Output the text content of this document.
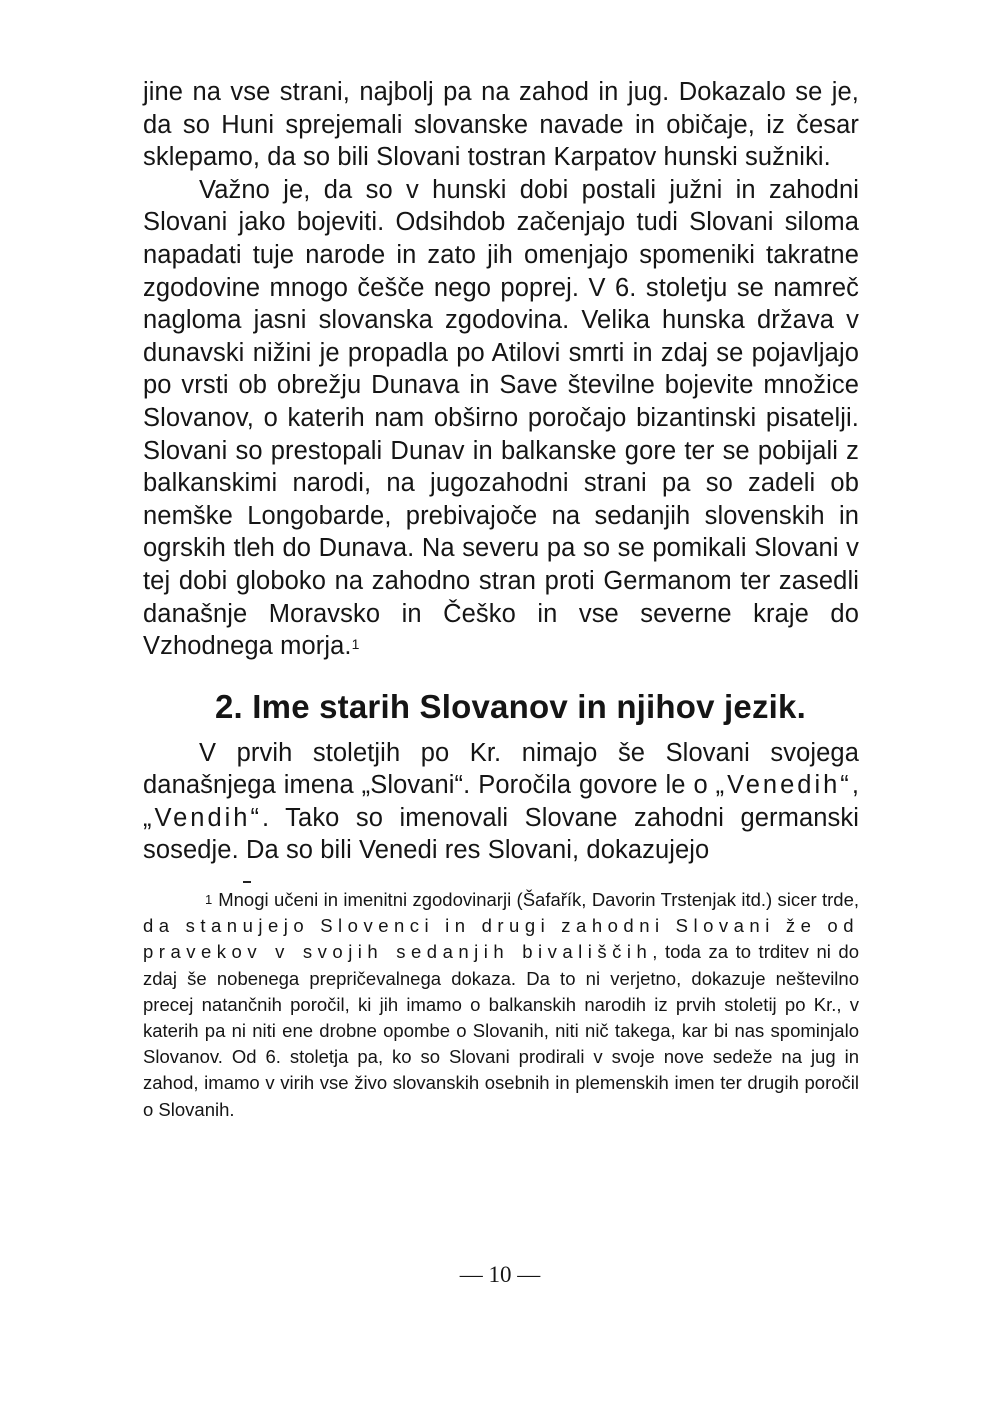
jine na vse strani, najbolj pa na zahod in jug. Dokazalo se je, da so Huni sprejemali slovanske navade in običaje, iz česar sklepamo, da so bili Slovani tostran Karpatov hunski sužniki.

Važno je, da so v hunski dobi postali južni in zahodni Slovani jako bojeviti. Odsihdob začenjajo tudi Slovani siloma napadati tuje narode in zato jih omenjajo spomeniki takratne zgodovine mnogo češče nego poprej. V 6. stoletju se namreč nagloma jasni slovanska zgodovina. Velika hunska država v dunavski nižini je propadla po Atilovi smrti in zdaj se pojavljajo po vrsti ob obrežju Dunava in Save številne bojevite množice Slovanov, o katerih nam obširno poročajo bizantinski pisatelji. Slovani so prestopali Dunav in balkanske gore ter se pobijali z balkanskimi narodi, na jugozahodni strani pa so zadeli ob nemške Longobarde, prebivajoče na sedanjih slovenskih in ogrskih tleh do Dunava. Na severu pa so se pomikali Slovani v tej dobi globoko na zahodno stran proti Germanom ter zasedli današnje Moravsko in Češko in vse severne kraje do Vzhodnega morja.$^1$

2. Ime starih Slovanov in njihov jezik.

V prvih stoletjih po Kr. nimajo še Slovani svojega današnjega imena „Slovani“. Poročila govore le o „Venedih“, „Vendih“. Tako so imenovali Slovane zahodni germanski sosedje. Da so bili Venedi res Slovani, dokazujejo

1 Mnogi učeni in imenitni zgodovinarji (Šafařík, Davorin Trstenjak itd.) sicer trde, da stanujejo Slovenci in drugi zahodni Slovani že od pravekov v svojih sedanjih bivališčih, toda za to trditev ni do zdaj še nobenega prepričevalnega dokaza. Da to ni verjetno, dokazuje neštevilno precej natančnih poročil, ki jih imamo o balkanskih narodih iz prvih stoletij po Kr., v katerih pa ni niti ene drobne opombe o Slovanih, niti nič takega, kar bi nas spominjalo Slovanov. Od 6. stoletja pa, ko so Slovani prodirali v svoje nove sedeže na jug in zahod, imamo v virih vse živo slovanskih osebnih in plemenskih imen ter drugih poročil o Slovanih.

— 10 —
